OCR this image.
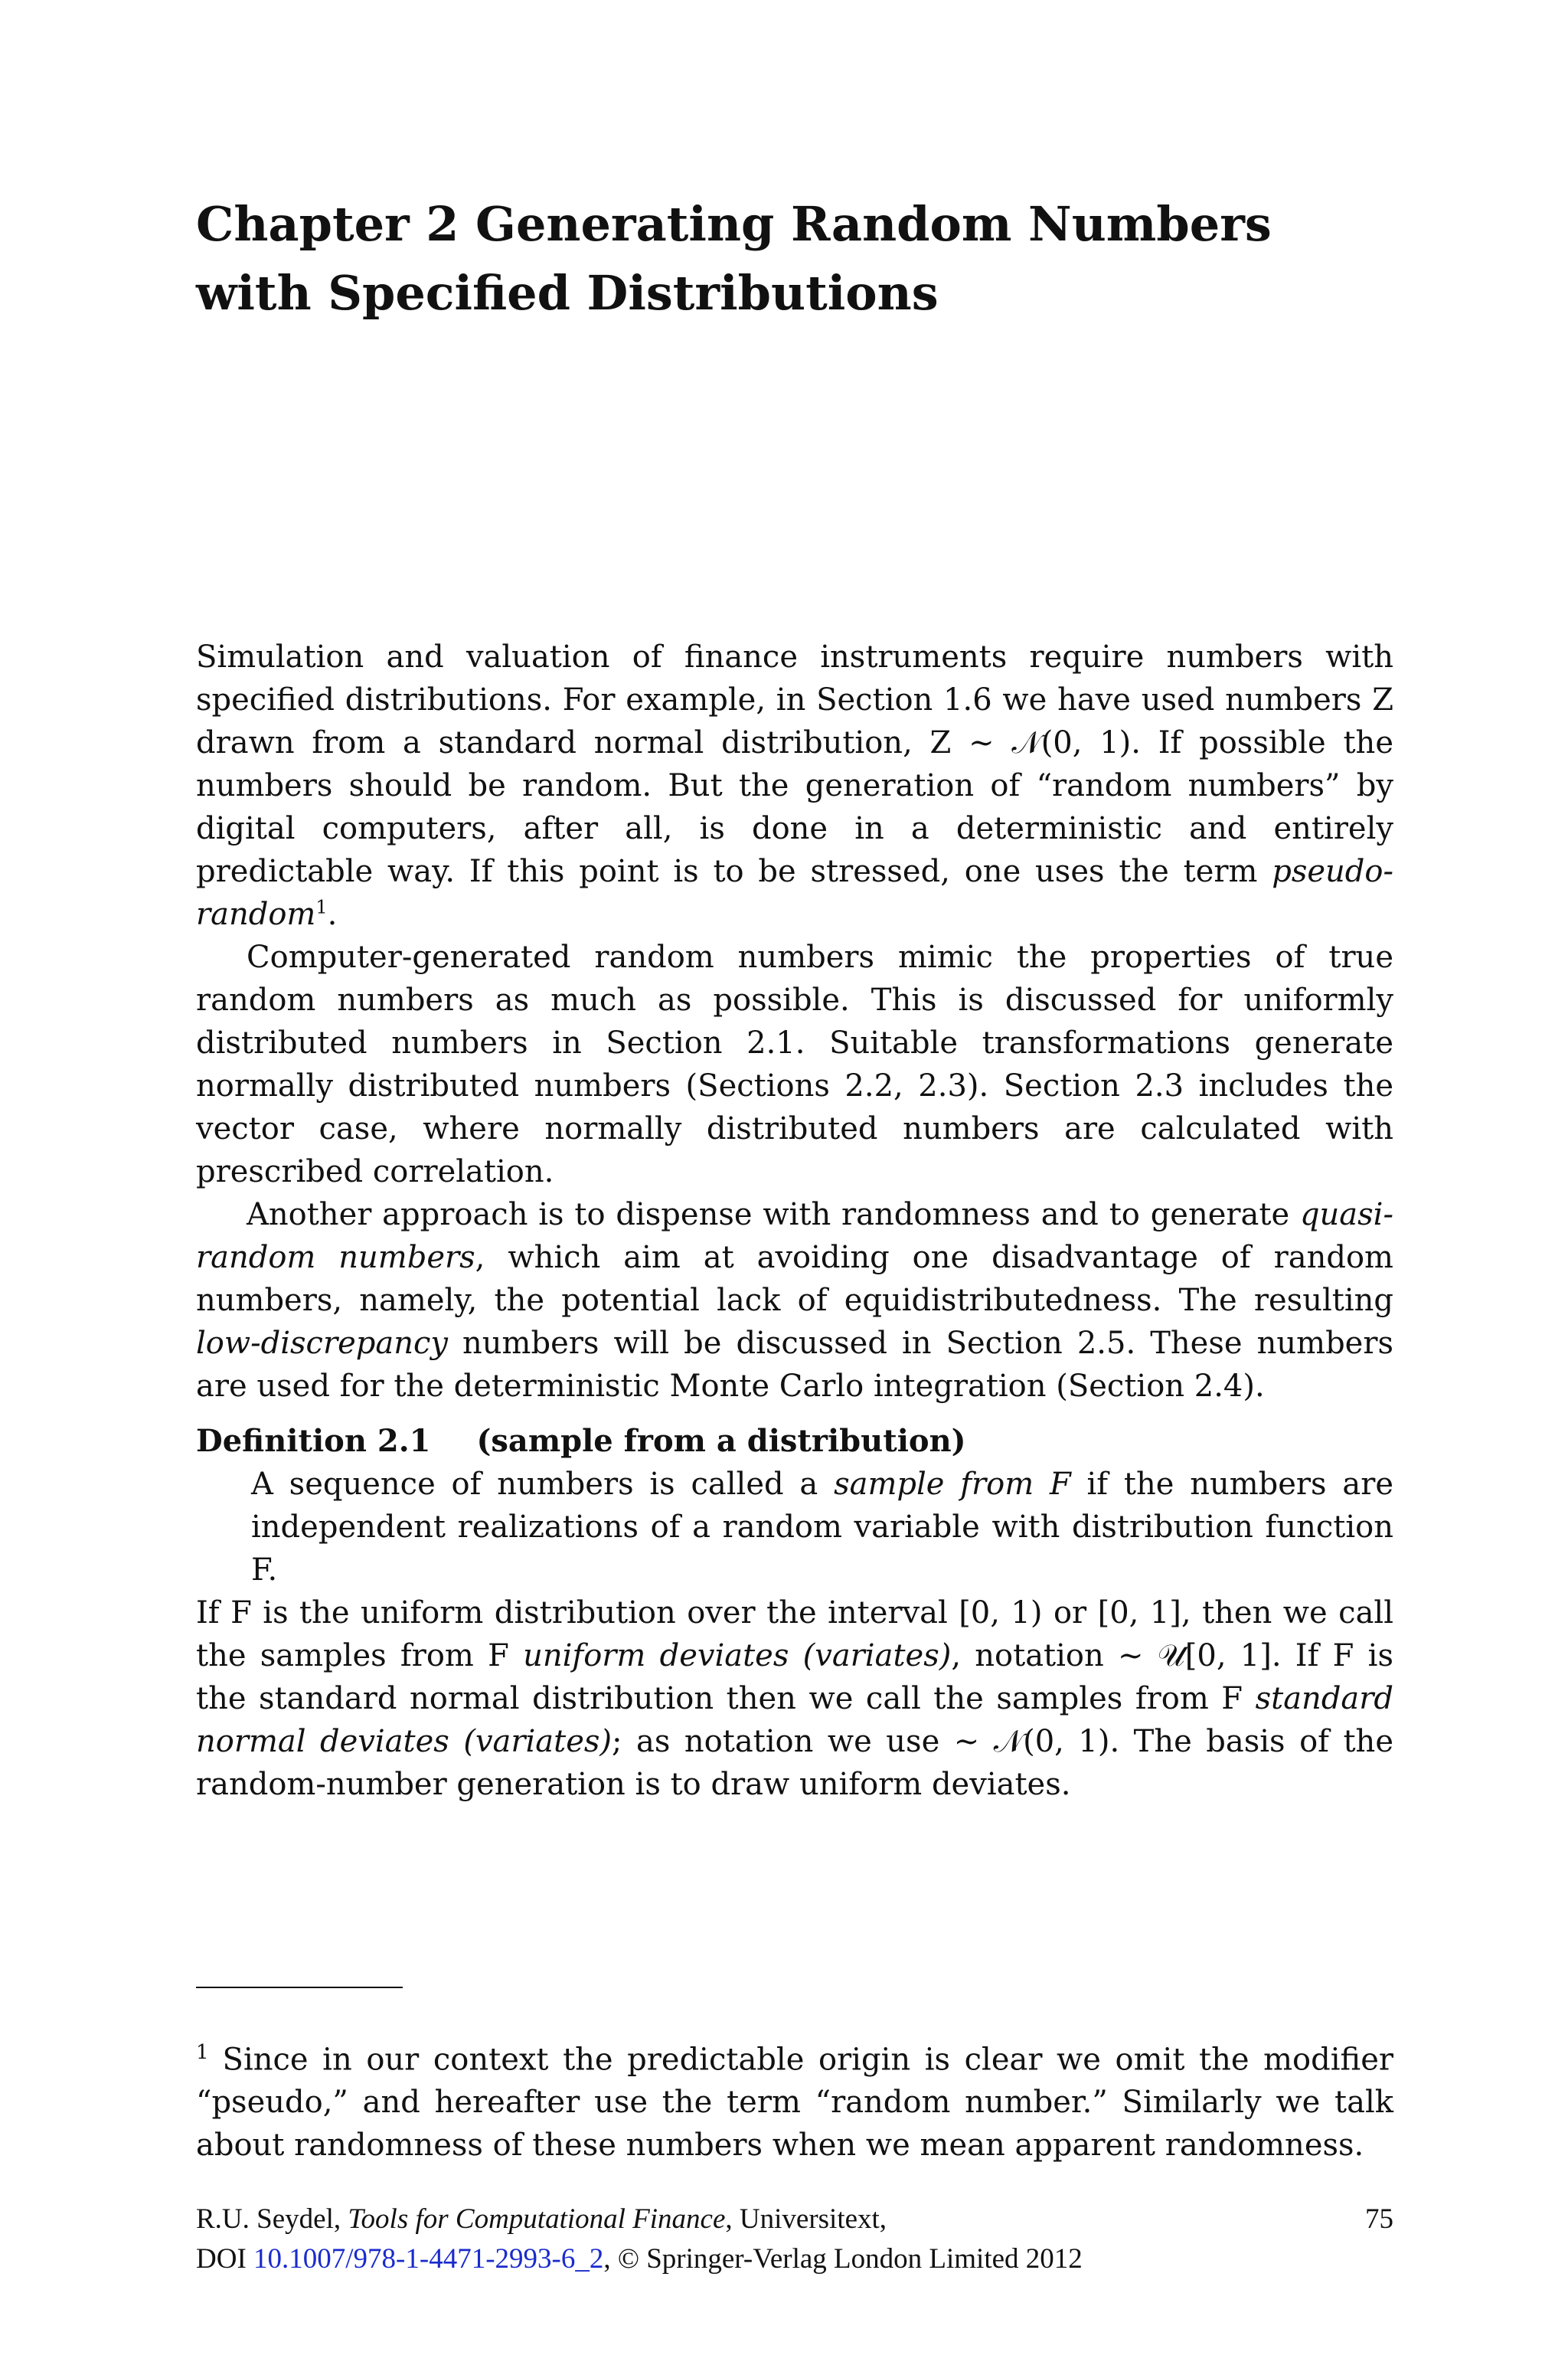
Chapter 2 Generating Random Numbers
with Specified Distributions

Simulation and valuation of finance instruments require numbers with specified distributions. For example, in Section 1.6 we have used numbers Z drawn from a standard normal distribution, Z ∼ 𝒩(0, 1). If possible the numbers should be random. But the generation of “random numbers” by digital computers, after all, is done in a deterministic and entirely predictable way. If this point is to be stressed, one uses the term pseudo-random$^1$.

Computer-generated random numbers mimic the properties of true random numbers as much as possible. This is discussed for uniformly distributed numbers in Section 2.1. Suitable transformations generate normally distributed numbers (Sections 2.2, 2.3). Section 2.3 includes the vector case, where normally distributed numbers are calculated with prescribed correlation.

Another approach is to dispense with randomness and to generate quasi-random numbers, which aim at avoiding one disadvantage of random numbers, namely, the potential lack of equidistributedness. The resulting low-discrepancy numbers will be discussed in Section 2.5. These numbers are used for the deterministic Monte Carlo integration (Section 2.4).

Definition 2.1 (sample from a distribution)

A sequence of numbers is called a sample from F if the numbers are independent realizations of a random variable with distribution function F.

If F is the uniform distribution over the interval [0, 1) or [0, 1], then we call the samples from F uniform deviates (variates), notation ∼ 𝒰[0, 1]. If F is the standard normal distribution then we call the samples from F standard normal deviates (variates); as notation we use ∼ 𝒩(0, 1). The basis of the random-number generation is to draw uniform deviates.

$^1$ Since in our context the predictable origin is clear we omit the modifier “pseudo,” and hereafter use the term “random number.” Similarly we talk about randomness of these numbers when we mean apparent randomness.

R.U. Seydel, Tools for Computational Finance, Universitext,	75
DOI 10.1007/978-1-4471-2993-6_2, © Springer-Verlag London Limited 2012
